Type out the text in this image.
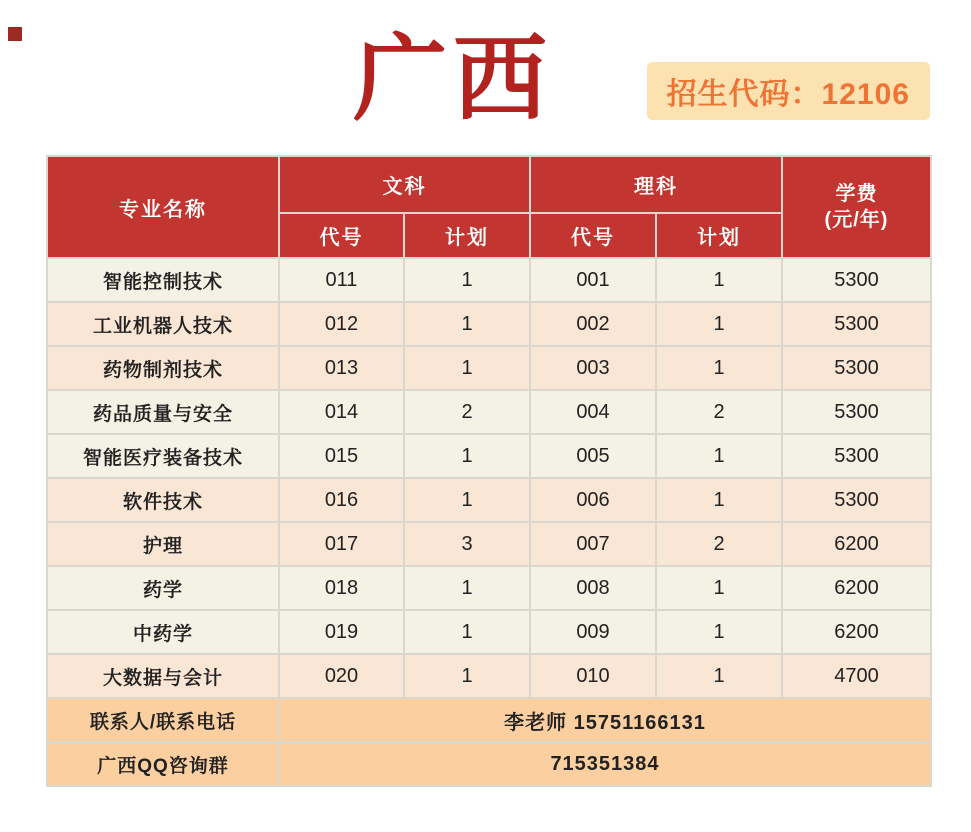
广西	招生代码：12106
专业名称	文科		理科		学费
(元/年)

	代号	计划	代号	计划	
智能控制技术	011	1	001	1	5300
工业机器人技术	012	1	002	1	5300
药物制剂技术	013	1	003	1	5300
药品质量与安全	014	2	004	2	5300
智能医疗装备技术	015	1	005	1	5300
软件技术	016	1	006	1	5300
护理	017	3	007	2	6200
药学	018	1	008	1	6200
中药学	019	1	009	1	6200
大数据与会计	020	1	010	1	4700
联系人/联系电话	李老师 15751166131				
广西QQ咨询群	715351384				
